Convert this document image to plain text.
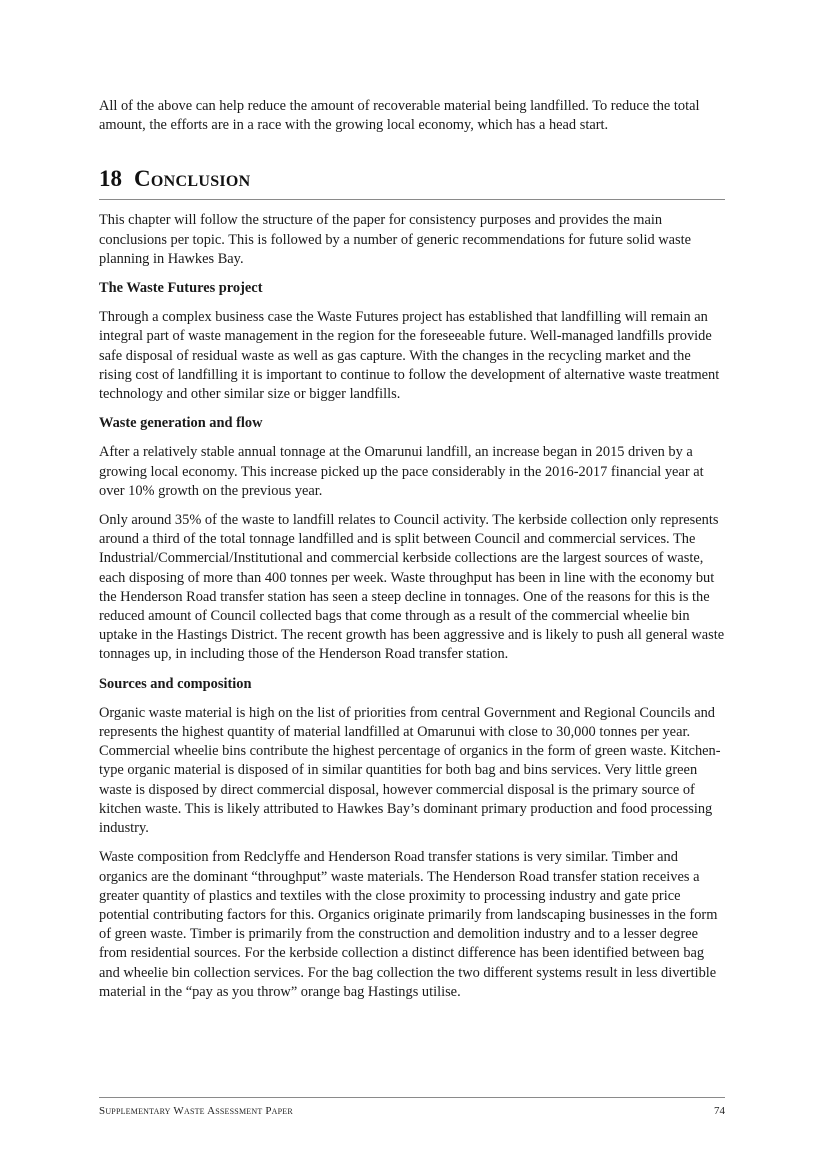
All of the above can help reduce the amount of recoverable material being landfilled. To reduce the total amount, the efforts are in a race with the growing local economy, which has a head start.

18 Conclusion

This chapter will follow the structure of the paper for consistency purposes and provides the main conclusions per topic. This is followed by a number of generic recommendations for future solid waste planning in Hawkes Bay.

The Waste Futures project

Through a complex business case the Waste Futures project has established that landfilling will remain an integral part of waste management in the region for the foreseeable future. Well-managed landfills provide safe disposal of residual waste as well as gas capture. With the changes in the recycling market and the rising cost of landfilling it is important to continue to follow the development of alternative waste treatment technology and other similar size or bigger landfills.

Waste generation and flow

After a relatively stable annual tonnage at the Omarunui landfill, an increase began in 2015 driven by a growing local economy. This increase picked up the pace considerably in the 2016-2017 financial year at over 10% growth on the previous year.

Only around 35% of the waste to landfill relates to Council activity. The kerbside collection only represents around a third of the total tonnage landfilled and is split between Council and commercial services. The Industrial/Commercial/Institutional and commercial kerbside collections are the largest sources of waste, each disposing of more than 400 tonnes per week. Waste throughput has been in line with the economy but the Henderson Road transfer station has seen a steep decline in tonnages. One of the reasons for this is the reduced amount of Council collected bags that come through as a result of the commercial wheelie bin uptake in the Hastings District. The recent growth has been aggressive and is likely to push all general waste tonnages up, in including those of the Henderson Road transfer station.

Sources and composition

Organic waste material is high on the list of priorities from central Government and Regional Councils and represents the highest quantity of material landfilled at Omarunui with close to 30,000 tonnes per year. Commercial wheelie bins contribute the highest percentage of organics in the form of green waste. Kitchen-type organic material is disposed of in similar quantities for both bag and bins services. Very little green waste is disposed by direct commercial disposal, however commercial disposal is the primary source of kitchen waste. This is likely attributed to Hawkes Bay’s dominant primary production and food processing industry.

Waste composition from Redclyffe and Henderson Road transfer stations is very similar. Timber and organics are the dominant “throughput” waste materials. The Henderson Road transfer station receives a greater quantity of plastics and textiles with the close proximity to processing industry and gate price potential contributing factors for this. Organics originate primarily from landscaping businesses in the form of green waste. Timber is primarily from the construction and demolition industry and to a lesser degree from residential sources. For the kerbside collection a distinct difference has been identified between bag and wheelie bin collection services. For the bag collection the two different systems result in less divertible material in the “pay as you throw” orange bag Hastings utilise.

Supplementary Waste Assessment Paper	74
